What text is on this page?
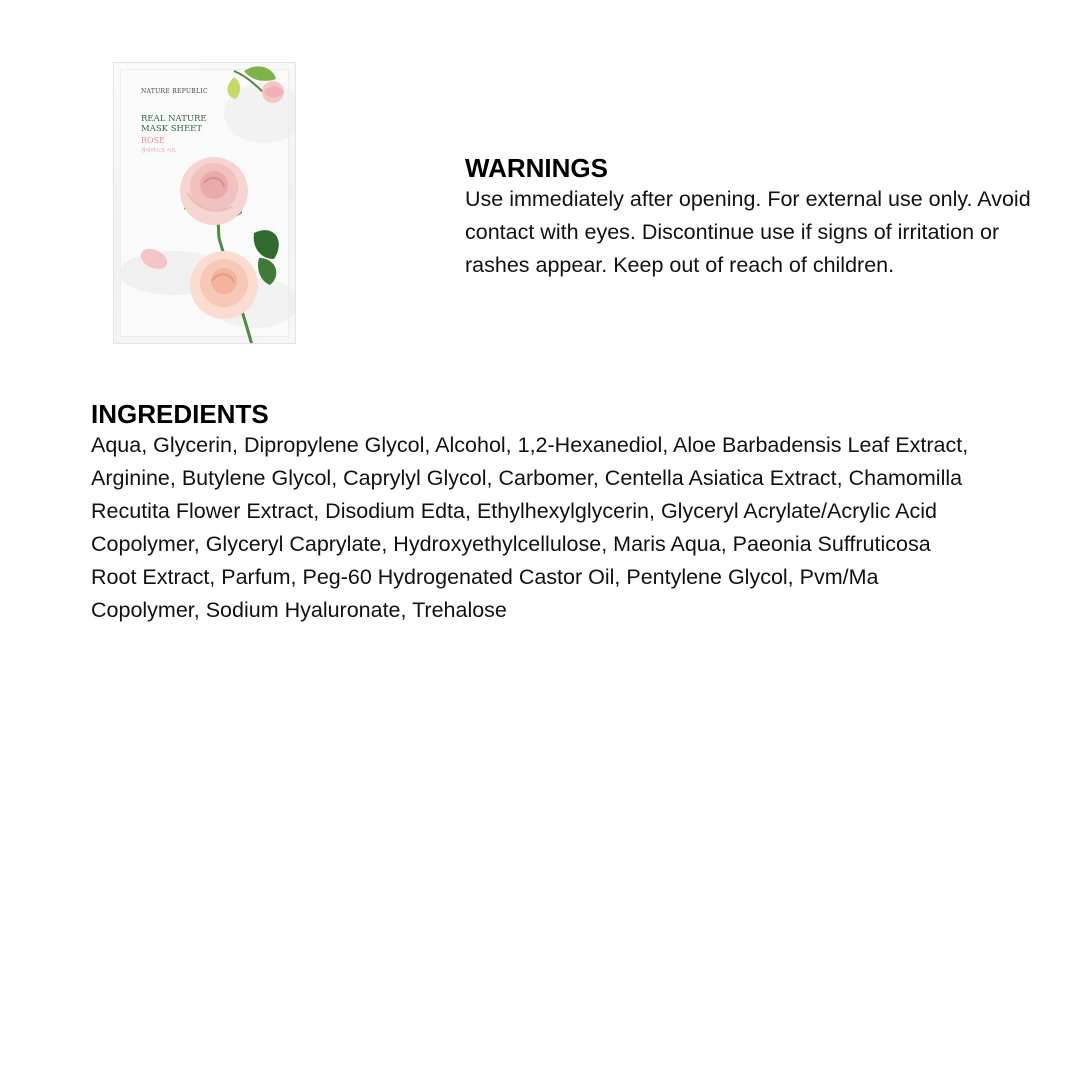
NATURE REPUBLIC
REAL NATURE
MASK SHEET
ROSE
장미마스크 시트
WARNINGS

Use immediately after opening. For external use only. Avoid contact with eyes. Discontinue use if signs of irritation or rashes appear. Keep out of reach of children.

INGREDIENTS

Aqua, Glycerin, Dipropylene Glycol, Alcohol, 1,2-Hexanediol, Aloe Barbadensis Leaf Extract, Arginine, Butylene Glycol, Caprylyl Glycol, Carbomer, Centella Asiatica Extract, Chamomilla Recutita Flower Extract, Disodium Edta, Ethylhexylglycerin, Glyceryl Acrylate/Acrylic Acid Copolymer, Glyceryl Caprylate, Hydroxyethylcellulose, Maris Aqua, Paeonia Suffruticosa Root Extract, Parfum, Peg-60 Hydrogenated Castor Oil, Pentylene Glycol, Pvm/Ma Copolymer, Sodium Hyaluronate, Trehalose
